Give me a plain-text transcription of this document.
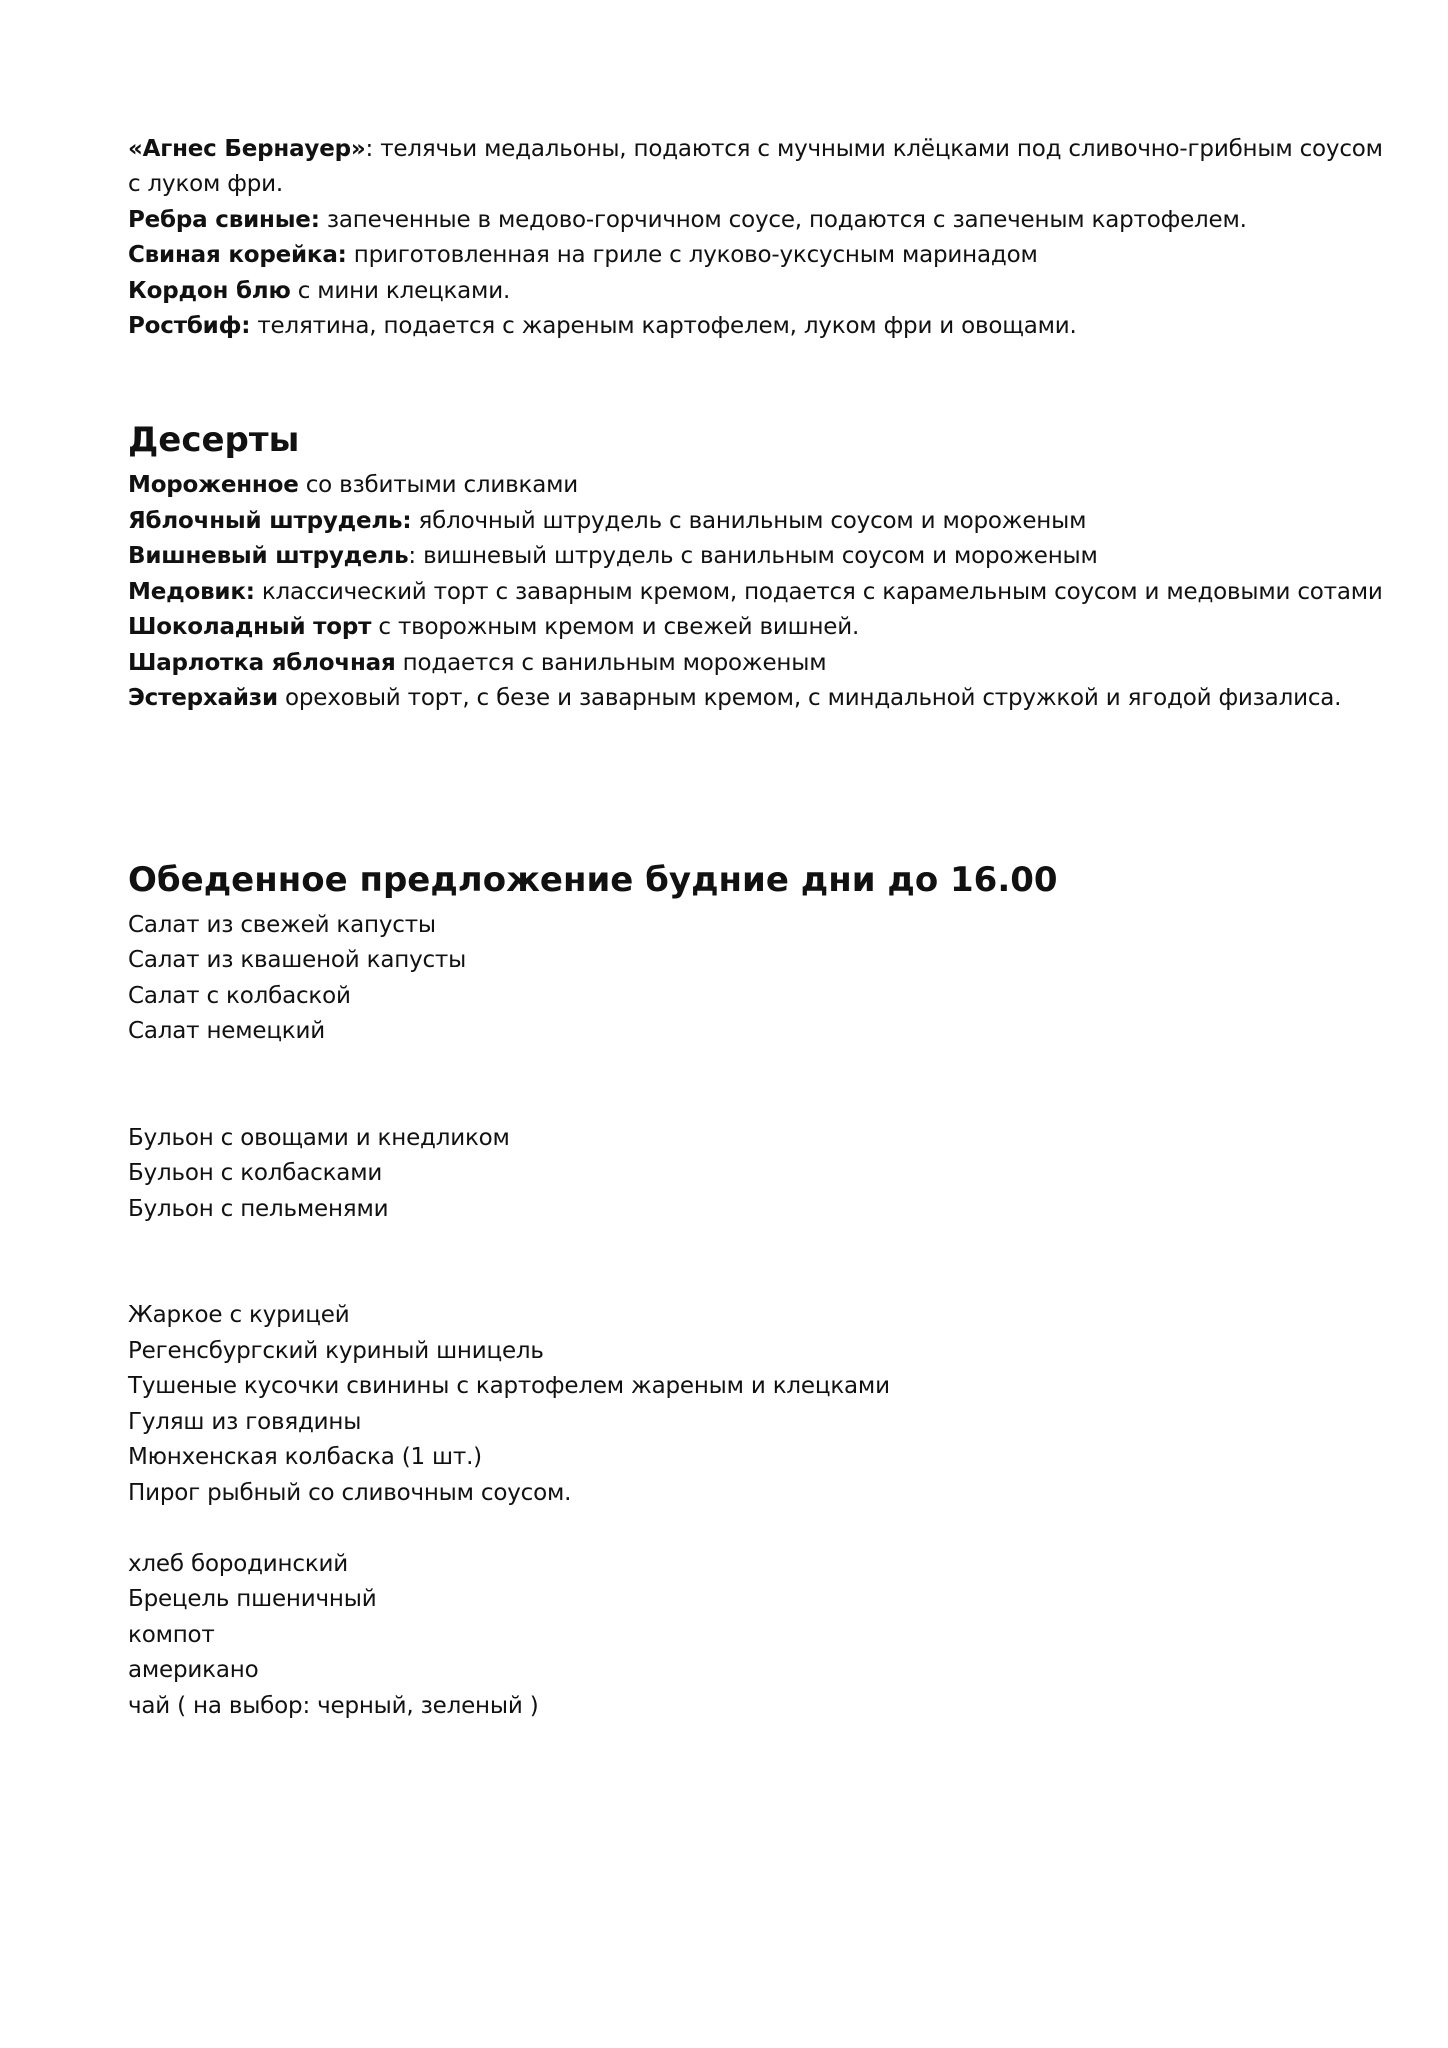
«Агнес Бернауер»: телячьи медальоны, подаются с мучными клёцками под сливочно-грибным соусом

с луком фри.

Ребра свиные: запеченные в медово-горчичном соусе, подаются с запеченым картофелем.

Свиная корейка: приготовленная на гриле с луково-уксусным маринадом

Кордон блю с мини клецками.

Ростбиф: телятина, подается с жареным картофелем, луком фри и овощами.

Десерты

Мороженное со взбитыми сливками

Яблочный штрудель: яблочный штрудель с ванильным соусом и мороженым

Вишневый штрудель: вишневый штрудель с ванильным соусом и мороженым

Медовик: классический торт с заварным кремом, подается с карамельным соусом и медовыми сотами

Шоколадный торт с творожным кремом и свежей вишней.

Шарлотка яблочная подается с ванильным мороженым

Эстерхайзи ореховый торт, с безе и заварным кремом, с миндальной стружкой и ягодой физалиса.

Обеденное предложение будние дни до 16.00

Салат из свежей капусты

Салат из квашеной капусты

Салат с колбаской

Салат немецкий

Бульон с овощами и кнедликом

Бульон с колбасками

Бульон с пельменями

Жаркое с курицей

Регенсбургский куриный шницель

Тушеные кусочки свинины с картофелем жареным и клецками

Гуляш из говядины

Мюнхенская колбаска (1 шт.)

Пирог рыбный со сливочным соусом.

хлеб бородинский

Брецель пшеничный

компот

американо

чай ( на выбор: черный, зеленый )
